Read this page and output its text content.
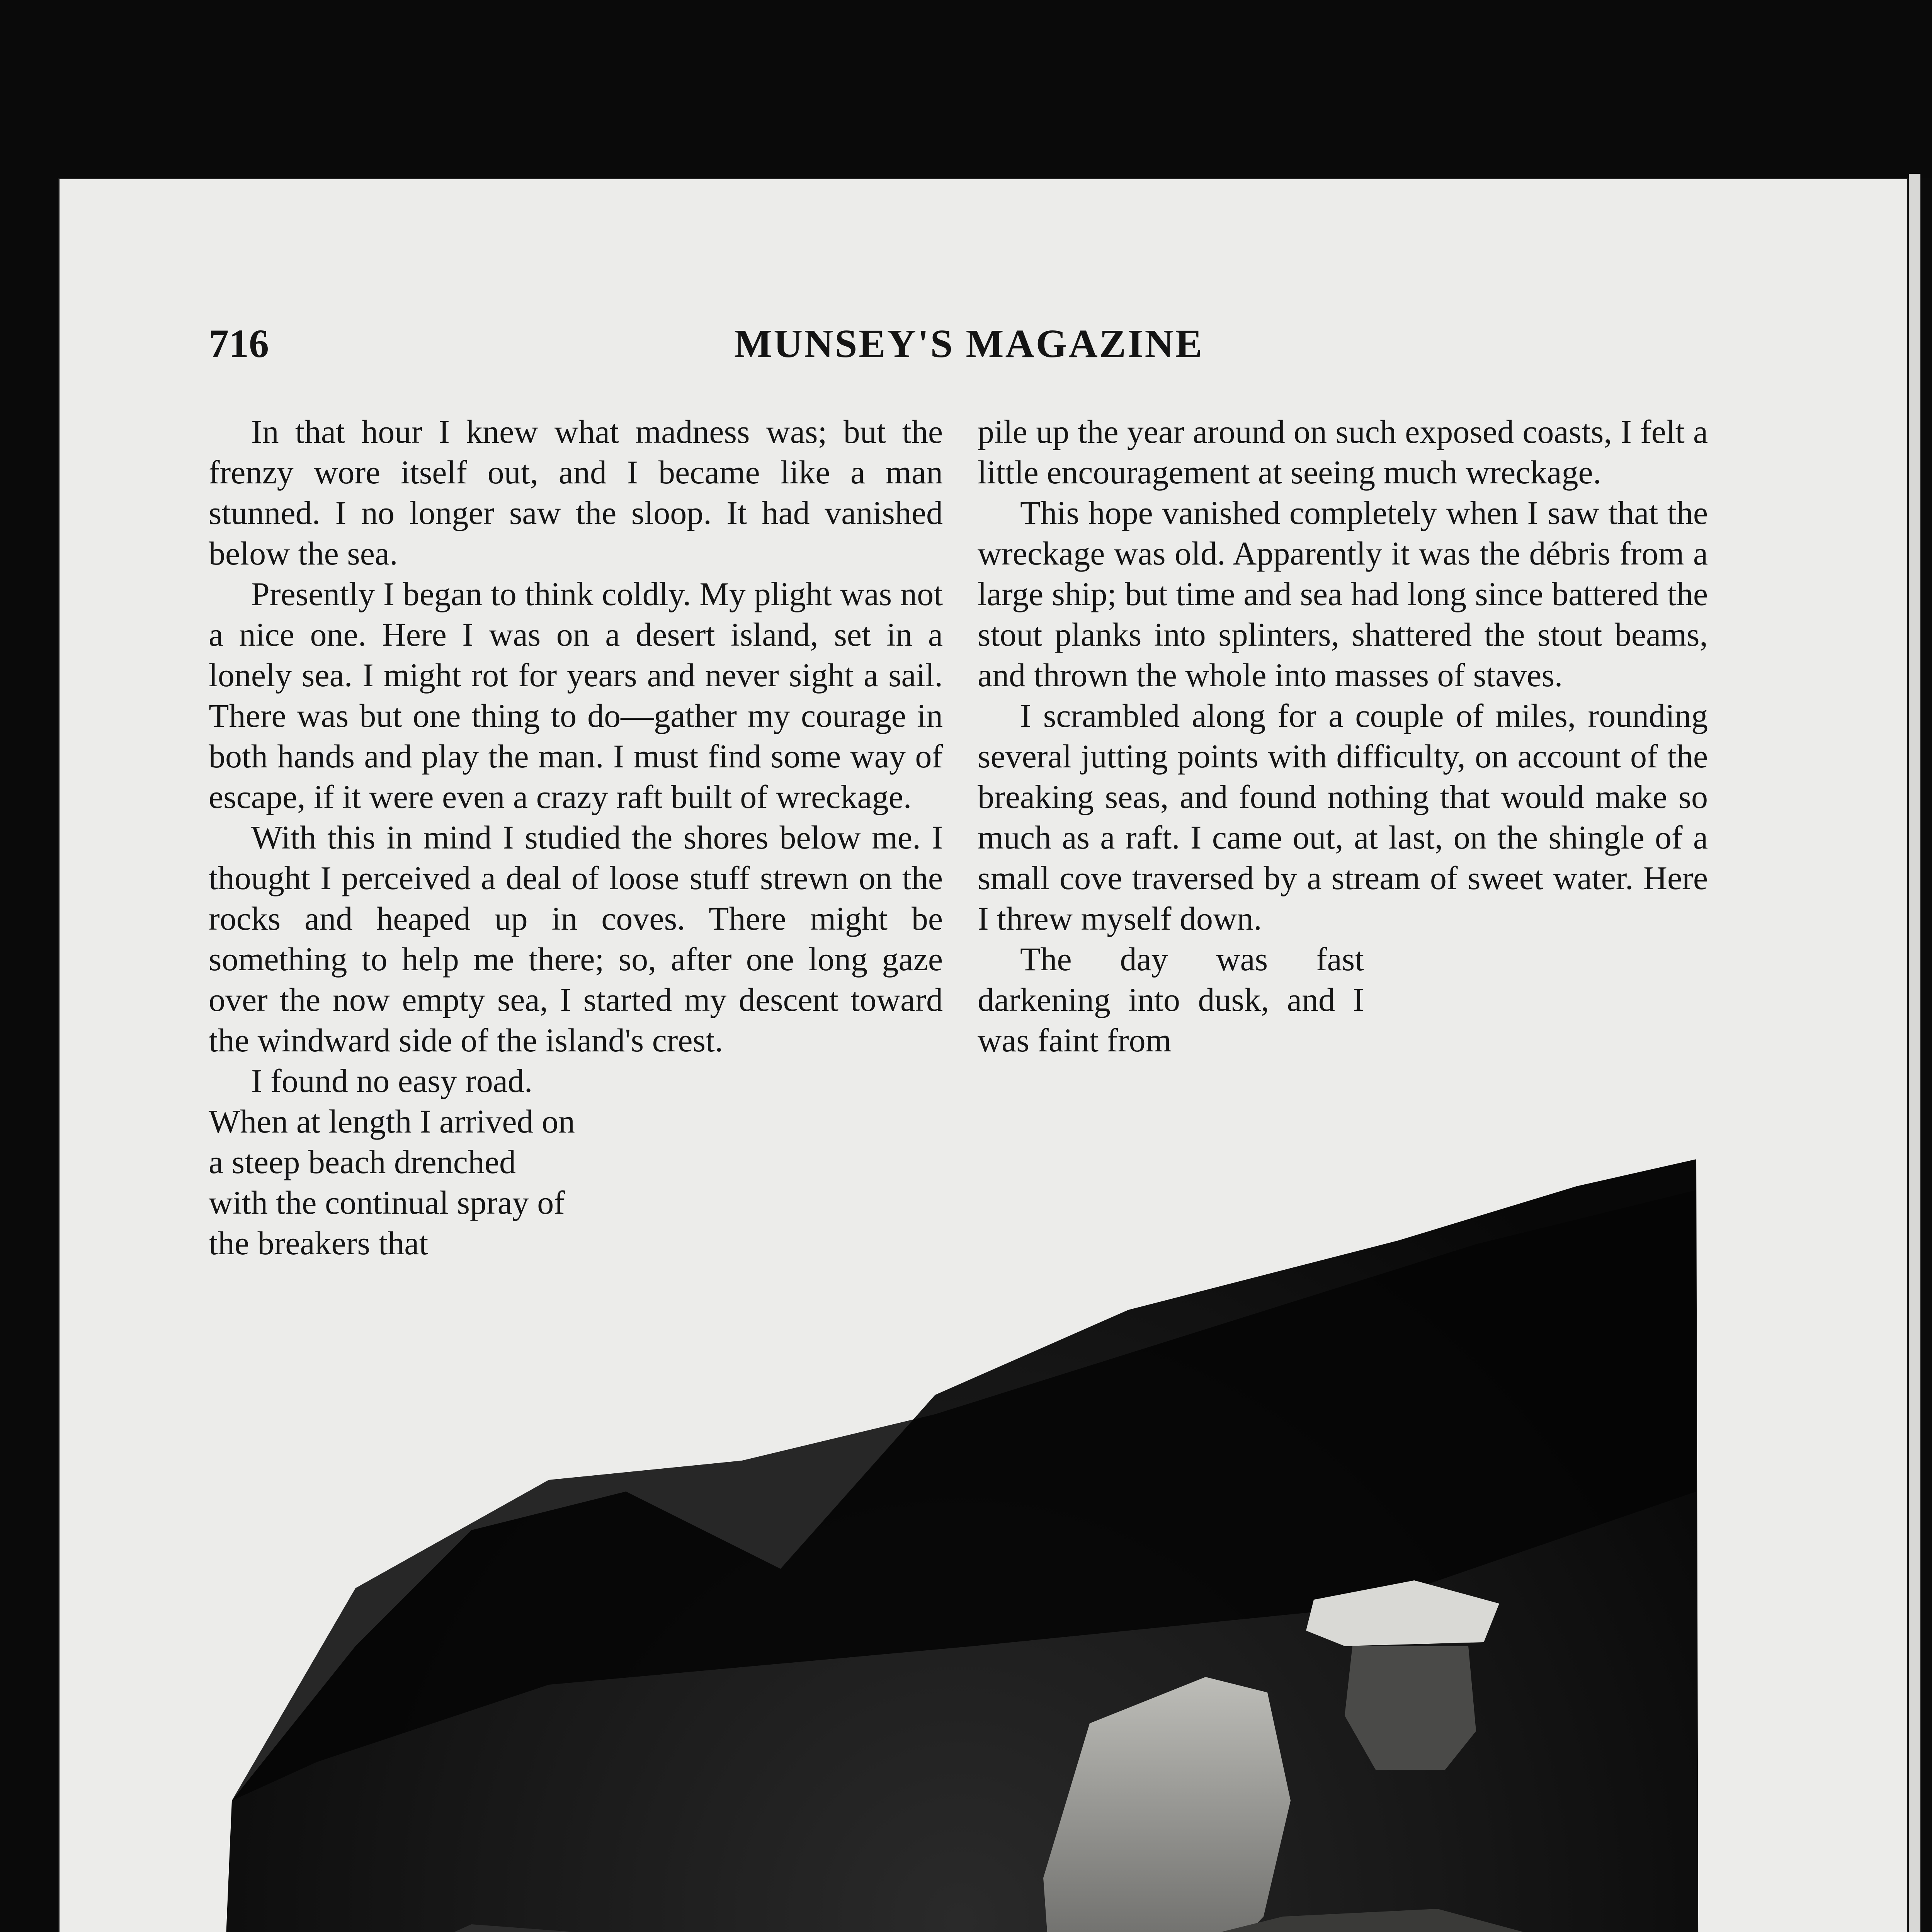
716	MUNSEY'S MAGAZINE

In that hour I knew what madness was; but the frenzy wore itself out, and I became like a man stunned. I no longer saw the sloop. It had vanished below the sea.

Presently I began to think coldly. My plight was not a nice one. Here I was on a desert island, set in a lonely sea. I might rot for years and never sight a sail. There was but one thing to do—gather my courage in both hands and play the man. I must find some way of escape, if it were even a crazy raft built of wreckage.

With this in mind I studied the shores below me. I thought I perceived a deal of loose stuff strewn on the rocks and heaped up in coves. There might be something to help me there; so, after one long gaze over the now empty sea, I started my descent toward the windward side of the island's crest.

I found no easy road. When at length I arrived on a steep beach drenched with the continual spray of the breakers that

pile up the year around on such exposed coasts, I felt a little encouragement at seeing much wreckage.

This hope vanished completely when I saw that the wreckage was old. Apparently it was the débris from a large ship; but time and sea had long since battered the stout planks into splinters, shattered the stout beams, and thrown the whole into masses of staves.

I scrambled along for a couple of miles, rounding several jutting points with difficulty, on account of the breaking seas, and found nothing that would make so much as a raft. I came out, at last, on the shingle of a small cove traversed by a stream of sweet water. Here I threw myself down.

The day was fast darkening into dusk, and I was faint from
